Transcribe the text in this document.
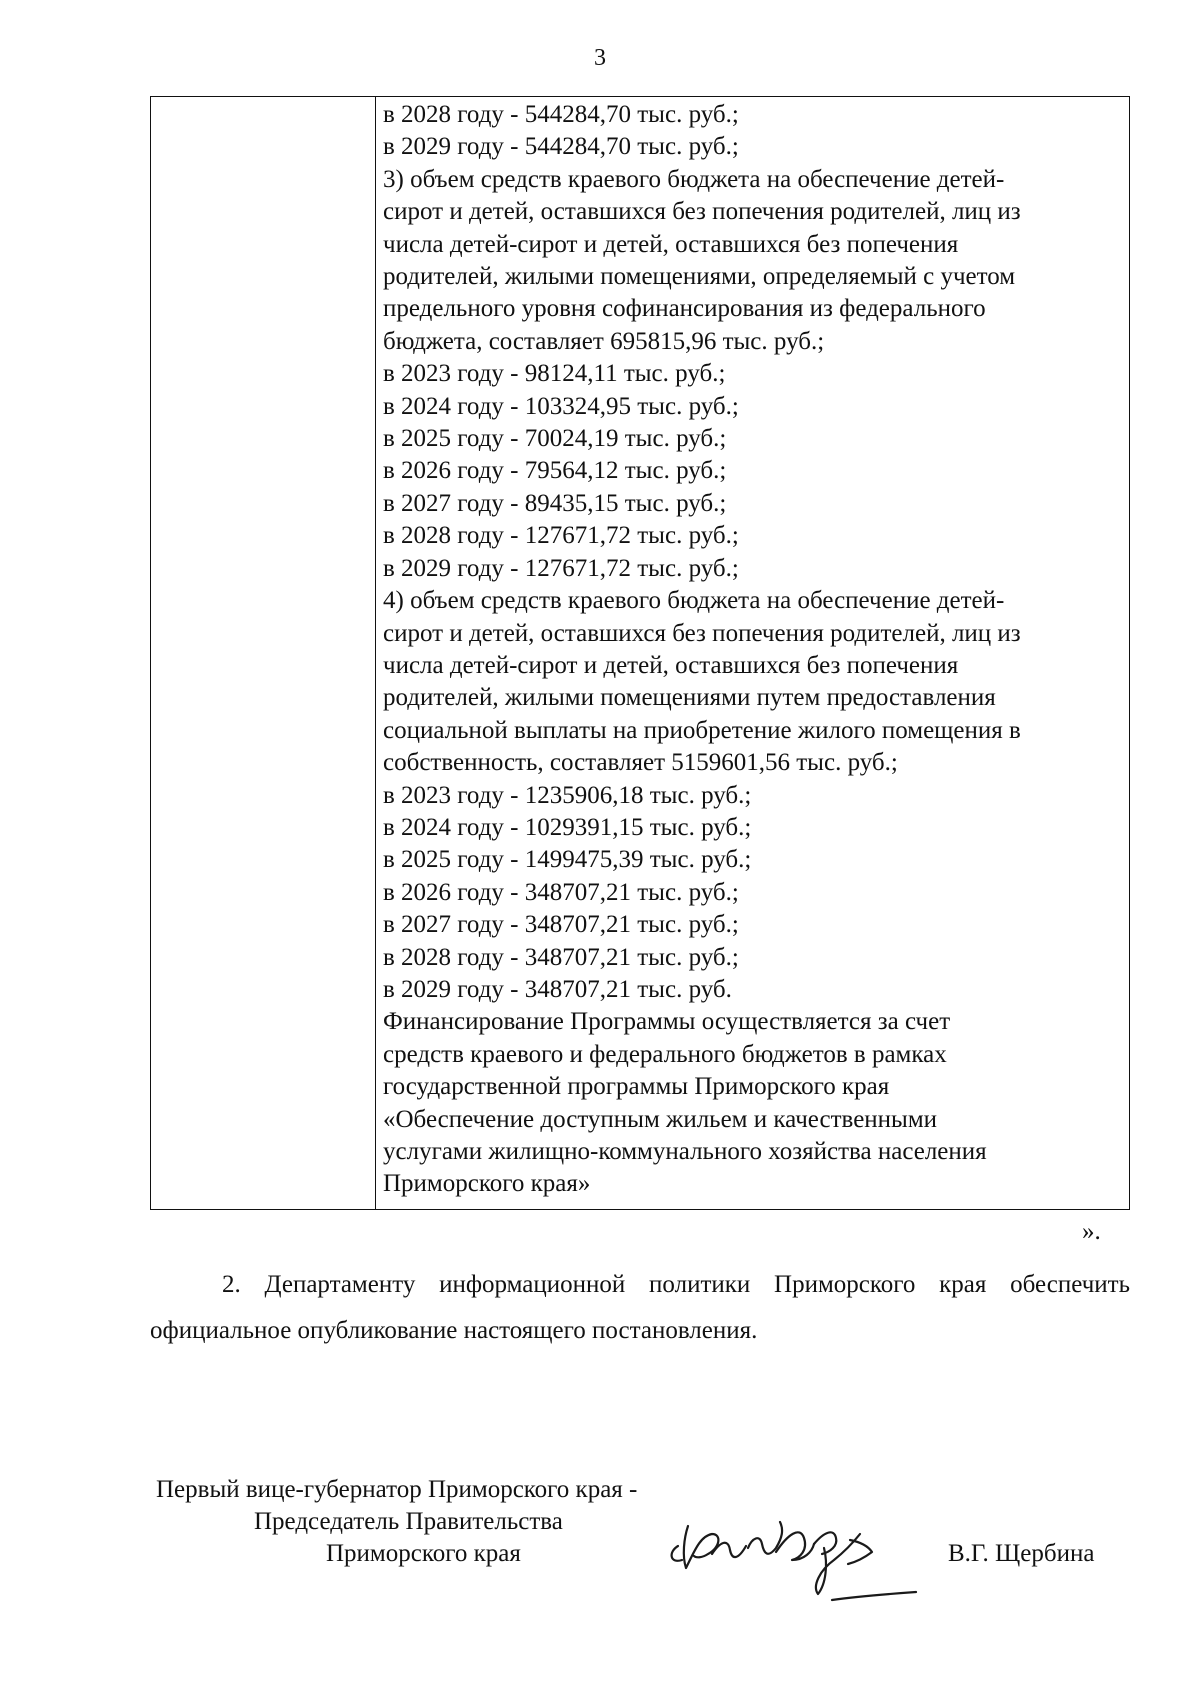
3
в 2028 году - 544284,70 тыс. руб.;
в 2029 году - 544284,70 тыс. руб.;
3) объем средств краевого бюджета на обеспечение детей-
сирот и детей, оставшихся без попечения родителей, лиц из
числа детей-сирот и детей, оставшихся без попечения
родителей, жилыми помещениями, определяемый с учетом
предельного уровня софинансирования из федерального
бюджета, составляет 695815,96 тыс. руб.;
в 2023 году - 98124,11 тыс. руб.;
в 2024 году - 103324,95 тыс. руб.;
в 2025 году - 70024,19 тыс. руб.;
в 2026 году - 79564,12 тыс. руб.;
в 2027 году - 89435,15 тыс. руб.;
в 2028 году - 127671,72 тыс. руб.;
в 2029 году - 127671,72 тыс. руб.;
4) объем средств краевого бюджета на обеспечение детей-
сирот и детей, оставшихся без попечения родителей, лиц из
числа детей-сирот и детей, оставшихся без попечения
родителей, жилыми помещениями путем предоставления
социальной выплаты на приобретение жилого помещения в
собственность, составляет 5159601,56 тыс. руб.;
в 2023 году - 1235906,18 тыс. руб.;
в 2024 году - 1029391,15 тыс. руб.;
в 2025 году - 1499475,39 тыс. руб.;
в 2026 году - 348707,21 тыс. руб.;
в 2027 году - 348707,21 тыс. руб.;
в 2028 году - 348707,21 тыс. руб.;
в 2029 году - 348707,21 тыс. руб.
Финансирование Программы осуществляется за счет
средств краевого и федерального бюджетов в рамках
государственной программы Приморского края
«Обеспечение доступным жильем и качественными
услугами жилищно-коммунального хозяйства населения
Приморского края»
».

2. Департаменту информационной политики Приморского края обеспечить официальное опубликование настоящего постановления.

Первый вице-губернатор Приморского края -
Председатель Правительства
Приморского края	В.Г. Щербина
